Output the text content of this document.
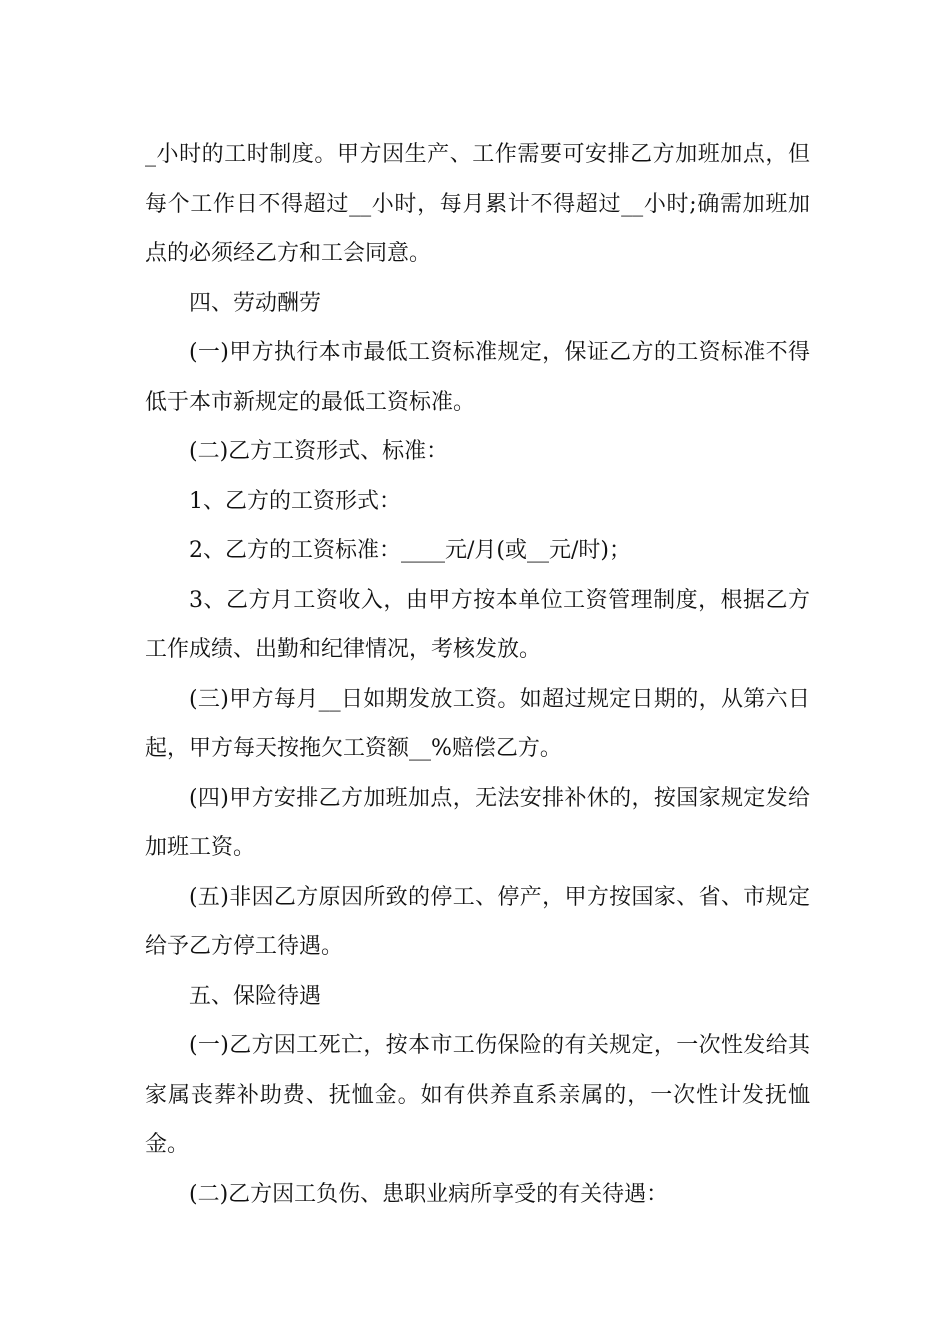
_小时的工时制度。甲方因生产、工作需要可安排乙方加班加点，但每个工作日不得超过__小时，每月累计不得超过__小时;确需加班加点的必须经乙方和工会同意。

四、劳动酬劳

(一)甲方执行本市最低工资标准规定，保证乙方的工资标准不得低于本市新规定的最低工资标准。

(二)乙方工资形式、标准：

1、乙方的工资形式：

2、乙方的工资标准：____元/月(或__元/时)；

3、乙方月工资收入，由甲方按本单位工资管理制度，根据乙方工作成绩、出勤和纪律情况，考核发放。

(三)甲方每月__日如期发放工资。如超过规定日期的，从第六日起，甲方每天按拖欠工资额__%赔偿乙方。

(四)甲方安排乙方加班加点，无法安排补休的，按国家规定发给加班工资。

(五)非因乙方原因所致的停工、停产，甲方按国家、省、市规定给予乙方停工待遇。

五、保险待遇

(一)乙方因工死亡，按本市工伤保险的有关规定，一次性发给其家属丧葬补助费、抚恤金。如有供养直系亲属的，一次性计发抚恤金。

(二)乙方因工负伤、患职业病所享受的有关待遇：
